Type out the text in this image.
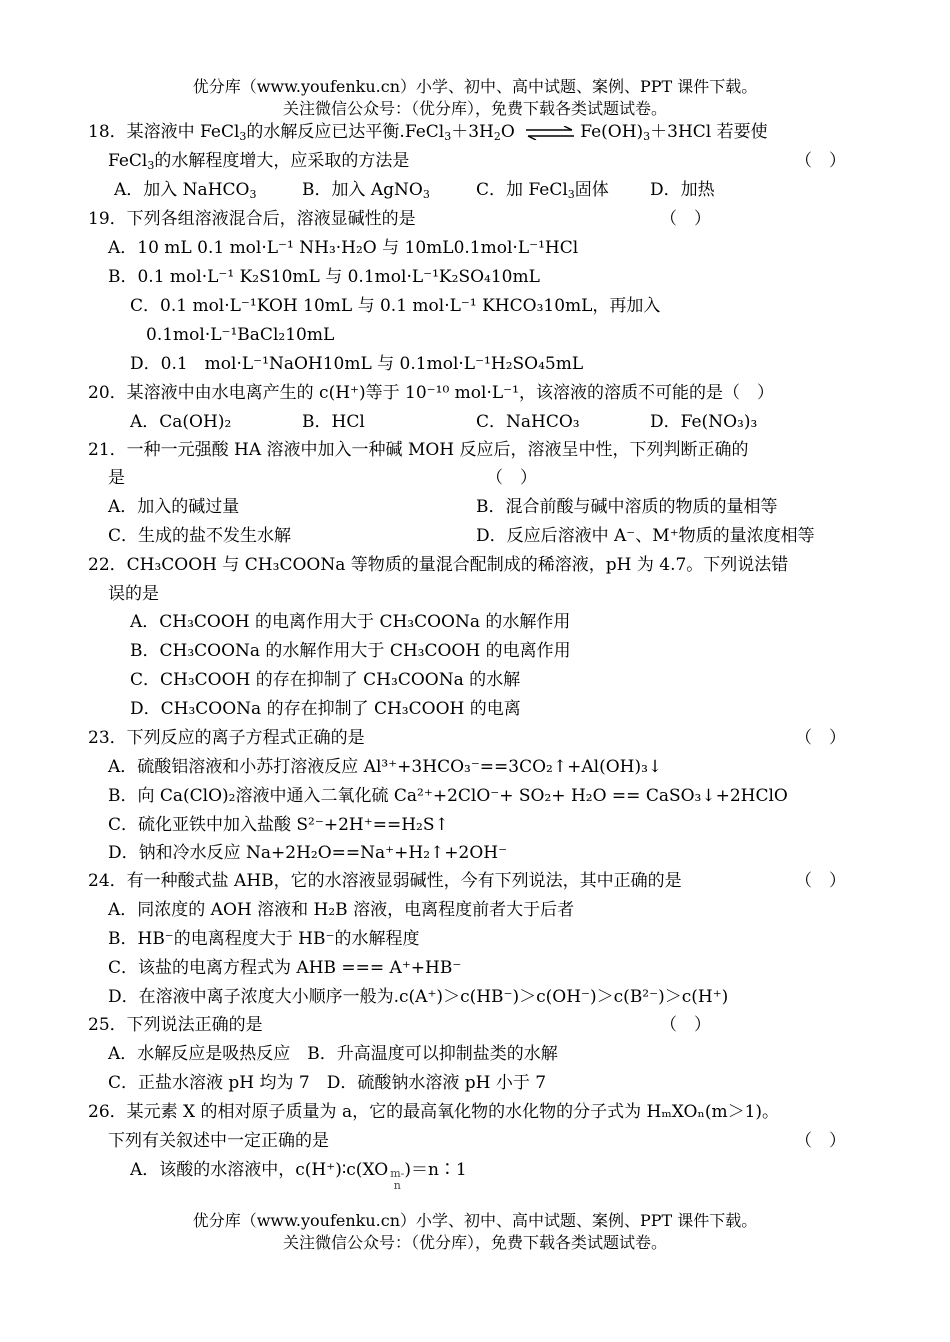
优分库（www.youfenku.cn）小学、初中、高中试题、案例、PPT 课件下载。
关注微信公众号：（优分库），免费下载各类试题试卷。
18．某溶液中 FeCl$_3$的水解反应已达平衡$.FeCl_3+3H_2O$ ⇌ $Fe(OH)_3+3HCl$ 若要使
FeCl$_3$的水解程度增大，应采取的方法是	（　）
A．加入 NaHCO$_3$	B．加入 AgNO$_3$	C．加 FeCl$_3$固体 D．加热
19．下列各组溶液混合后，溶液显碱性的是	（　）
A．10 mL 0.1 mol·L⁻¹ NH₃·H₂O 与 10mL0.1mol·L⁻¹HCl
B．0.1 mol·L⁻¹ K₂S10mL 与 0.1mol·L⁻¹K₂SO₄10mL
C．0.1 mol·L⁻¹KOH 10mL 与 0.1 mol·L⁻¹ KHCO₃10mL，再加入
0.1mol·L⁻¹BaCl₂10mL
D．0.1　mol·L⁻¹NaOH10mL 与 0.1mol·L⁻¹H₂SO₄5mL
20．某溶液中由水电离产生的 c(H⁺)等于 10⁻¹⁰ mol·L⁻¹，该溶液的溶质不可能的是（　）
A．Ca(OH)₂	B．HCl	C．NaHCO₃	D．Fe(NO₃)₃
21．一种一元强酸 HA 溶液中加入一种碱 MOH 反应后，溶液呈中性，下列判断正确的
是	（　）
A．加入的碱过量	B．混合前酸与碱中溶质的物质的量相等
C．生成的盐不发生水解	D．反应后溶液中 A⁻、M⁺物质的量浓度相等
22．CH₃COOH 与 CH₃COONa 等物质的量混合配制成的稀溶液，pH 为 4.7。下列说法错
误的是
A．CH₃COOH 的电离作用大于 CH₃COONa 的水解作用
B．CH₃COONa 的水解作用大于 CH₃COOH 的电离作用
C．CH₃COOH 的存在抑制了 CH₃COONa 的水解
D．CH₃COONa 的存在抑制了 CH₃COOH 的电离
23．下列反应的离子方程式正确的是	（　）
A．硫酸铝溶液和小苏打溶液反应 Al³⁺+3HCO₃⁻==3CO₂↑+Al(OH)₃↓
B．向 Ca(ClO)₂溶液中通入二氧化硫 Ca²⁺+2ClO⁻+ SO₂+ H₂O == CaSO₃↓+2HClO
C．硫化亚铁中加入盐酸 S²⁻+2H⁺==H₂S↑
D．钠和冷水反应 Na+2H₂O==Na⁺+H₂↑+2OH⁻
24．有一种酸式盐 AHB，它的水溶液显弱碱性，今有下列说法，其中正确的是	（　）
A．同浓度的 AOH 溶液和 H₂B 溶液，电离程度前者大于后者
B．HB⁻的电离程度大于 HB⁻的水解程度
C．该盐的电离方程式为 AHB === A⁺+HB⁻
D．在溶液中离子浓度大小顺序一般为.c(A⁺)＞c(HB⁻)＞c(OH⁻)＞c(B²⁻)＞c(H⁺)
25．下列说法正确的是	（　）
A．水解反应是吸热反应　B．升高温度可以抑制盐类的水解
C．正盐水溶液 pH 均为 7　D．硫酸钠水溶液 pH 小于 7
26．某元素 X 的相对原子质量为 a，它的最高氧化物的水化物的分子式为 HₘXOₙ(m＞1)。
下列有关叙述中一定正确的是	（　）
A．该酸的水溶液中，c(H⁺)∶c(XO m-
n)＝n∶1
优分库（www.youfenku.cn）小学、初中、高中试题、案例、PPT 课件下载。
关注微信公众号：（优分库），免费下载各类试题试卷。
